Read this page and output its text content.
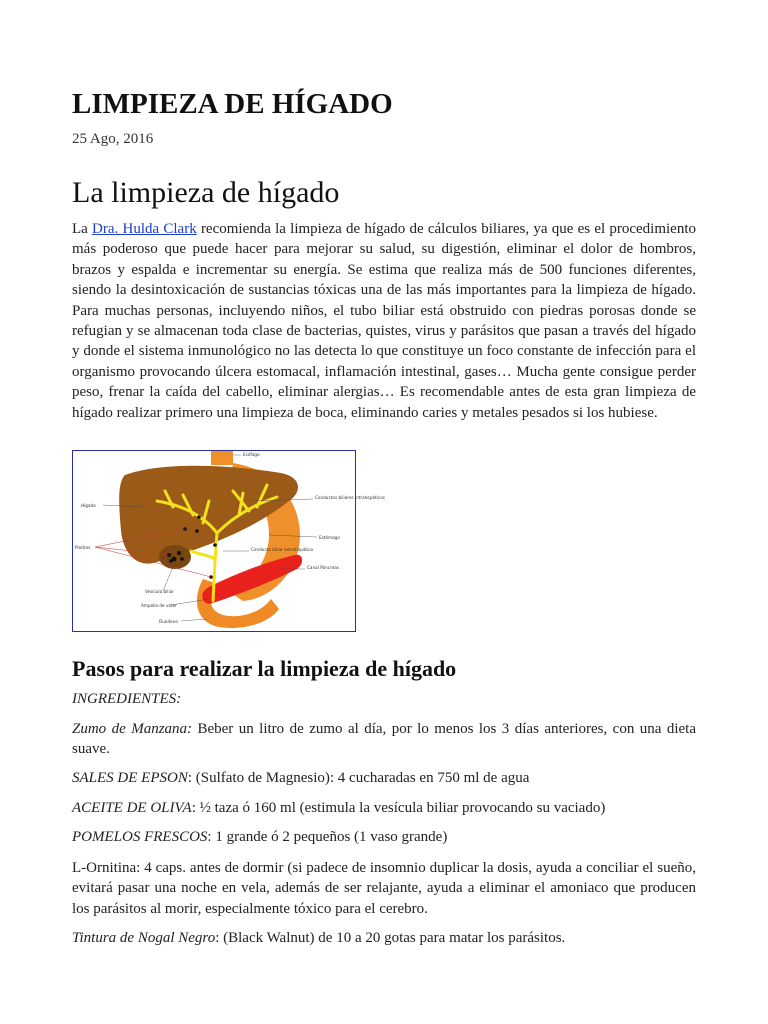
LIMPIEZA DE HÍGADO
25 Ago, 2016
La limpieza de hígado

La Dra. Hulda Clark recomienda la limpieza de hígado de cálculos biliares, ya que es el procedimiento más poderoso que puede hacer para mejorar su salud, su digestión, eliminar el dolor de hombros, brazos y espalda e incrementar su energía. Se estima que realiza más de 500 funciones diferentes, siendo la desintoxicación de sustancias tóxicas una de las más importantes para la limpieza de hígado. Para muchas personas, incluyendo niños, el tubo biliar está obstruido con piedras porosas donde se refugian y se almacenan toda clase de bacterias, quistes, virus y parásitos que pasan a través del hígado y donde el sistema inmunológico no las detecta lo que constituye un foco constante de infección para el organismo provocando úlcera estomacal, inflamación intestinal, gases… Mucha gente consigue perder peso, frenar la caída del cabello, eliminar alergias… Es recomendable antes de esta gran limpieza de hígado realizar primero una limpieza de boca, eliminando caries y metales pesados si los hubiese.

Esófago
Hígado
Conductos biliares intrahepáticos
Estómago
Piedras	Conducto biliar extrahepático
Canal Páncreas
Vesícula biliar
Ampolla de vater
Duodeno
Pasos para realizar la limpieza de hígado

INGREDIENTES:

Zumo de Manzana: Beber un litro de zumo al día, por lo menos los 3 días anteriores, con una dieta suave.

SALES DE EPSON: (Sulfato de Magnesio): 4 cucharadas en 750 ml de agua

ACEITE DE OLIVA: ½ taza ó 160 ml (estimula la vesícula biliar provocando su vaciado)

POMELOS FRESCOS: 1 grande ó 2 pequeños (1 vaso grande)

L-Ornitina: 4 caps. antes de dormir (si padece de insomnio duplicar la dosis, ayuda a conciliar el sueño, evitará pasar una noche en vela, además de ser relajante, ayuda a eliminar el amoniaco que producen los parásitos al morir, especialmente tóxico para el cerebro.

Tintura de Nogal Negro: (Black Walnut) de 10 a 20 gotas para matar los parásitos.
